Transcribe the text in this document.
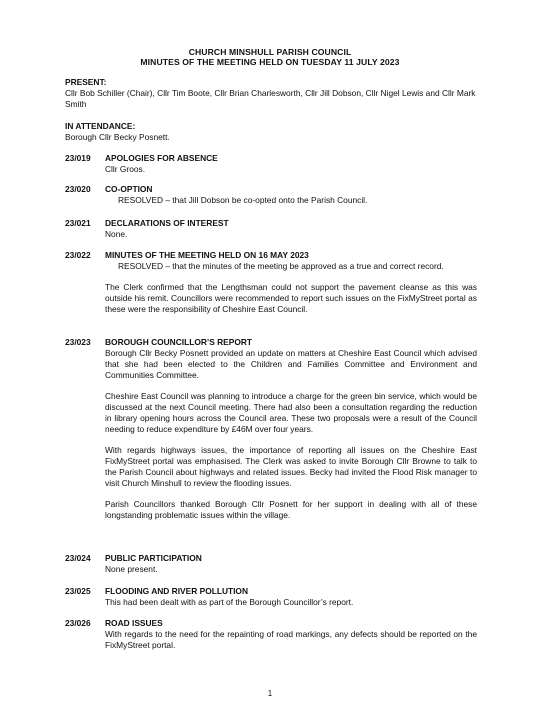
CHURCH MINSHULL PARISH COUNCIL
MINUTES OF THE MEETING HELD ON TUESDAY 11 JULY 2023
PRESENT:
Cllr Bob Schiller (Chair), Cllr Tim Boote, Cllr Brian Charlesworth, Cllr Jill Dobson, Cllr Nigel Lewis and Cllr Mark Smith
IN ATTENDANCE:
Borough Cllr Becky Posnett.
23/019 APOLOGIES FOR ABSENCE
Cllr Groos.
23/020 CO-OPTION
RESOLVED – that Jill Dobson be co-opted onto the Parish Council.
23/021 DECLARATIONS OF INTEREST
None.
23/022 MINUTES OF THE MEETING HELD ON 16 MAY 2023
RESOLVED – that the minutes of the meeting be approved as a true and correct record.
The Clerk confirmed that the Lengthsman could not support the pavement cleanse as this was outside his remit. Councillors were recommended to report such issues on the FixMyStreet portal as these were the responsibility of Cheshire East Council.
23/023 BOROUGH COUNCILLOR’S REPORT
Borough Cllr Becky Posnett provided an update on matters at Cheshire East Council which advised that she had been elected to the Children and Families Committee and Environment and Communities Committee.
Cheshire East Council was planning to introduce a charge for the green bin service, which would be discussed at the next Council meeting. There had also been a consultation regarding the reduction in library opening hours across the Council area. These two proposals were a result of the Council needing to reduce expenditure by £46M over four years.
With regards highways issues, the importance of reporting all issues on the Cheshire East FixMyStreet portal was emphasised. The Clerk was asked to invite Borough Cllr Browne to talk to the Parish Council about highways and related issues. Becky had invited the Flood Risk manager to visit Church Minshull to review the flooding issues.
Parish Councillors thanked Borough Cllr Posnett for her support in dealing with all of these longstanding problematic issues within the village.
23/024 PUBLIC PARTICIPATION
None present.
23/025 FLOODING AND RIVER POLLUTION
This had been dealt with as part of the Borough Councillor’s report.
23/026 ROAD ISSUES
With regards to the need for the repainting of road markings, any defects should be reported on the FixMyStreet portal.
1
